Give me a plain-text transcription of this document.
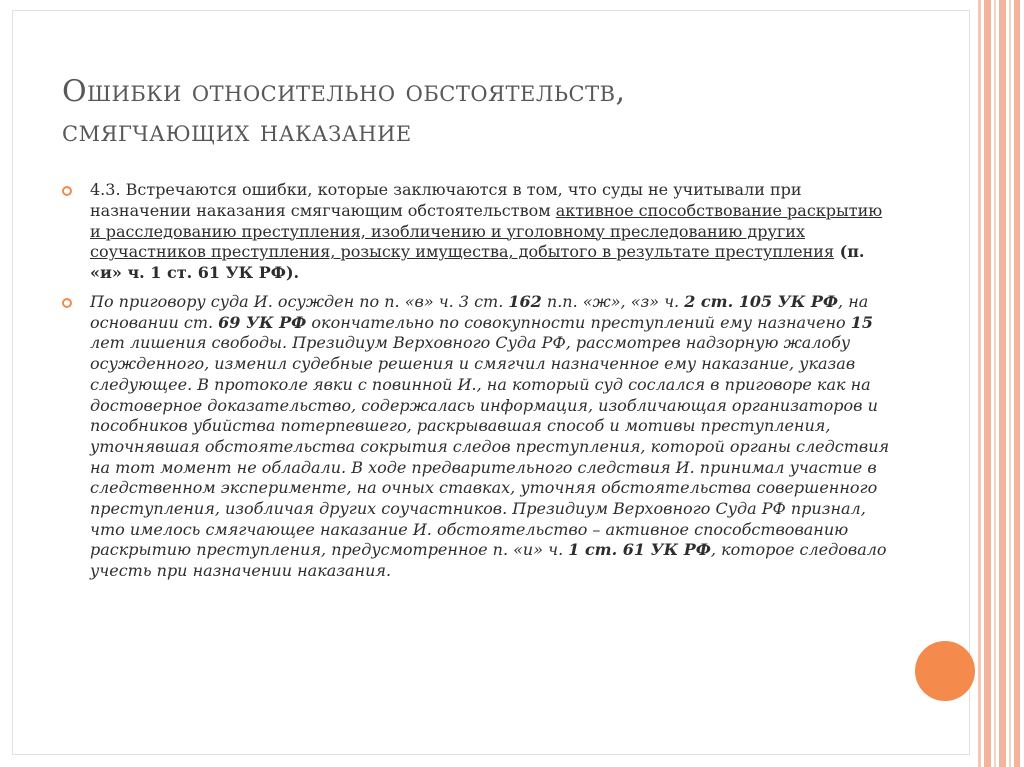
Ошибки относительно обстоятельств,
смягчающих наказание
4.3. Встречаются ошибки, которые заключаются в том, что суды не учитывали при назначении наказания смягчающим обстоятельством активное способствование раскрытию и расследованию преступления, изобличению и уголовному преследованию других соучастников преступления, розыску имущества, добытого в результате преступления (п. «и» ч. 1 ст. 61 УК РФ).
По приговору суда И. осужден по п. «в» ч. 3 ст. 162 п.п. «ж», «з» ч. 2 ст. 105 УК РФ, на основании ст. 69 УК РФ окончательно по совокупности преступлений ему назначено 15 лет лишения свободы. Президиум Верховного Суда РФ, рассмотрев надзорную жалобу осужденного, изменил судебные решения и смягчил назначенное ему наказание, указав следующее. В протоколе явки с повинной И., на который суд сослался в приговоре как на достоверное доказательство, содержалась информация, изобличающая организаторов и пособников убийства потерпевшего, раскрывавшая способ и мотивы преступления, уточнявшая обстоятельства сокрытия следов преступления, которой органы следствия на тот момент не обладали. В ходе предварительного следствия И. принимал участие в следственном эксперименте, на очных ставках, уточняя обстоятельства совершенного преступления, изобличая других соучастников. Президиум Верховного Суда РФ признал, что имелось смягчающее наказание И. обстоятельство – активное способствованию раскрытию преступления, предусмотренное п. «и» ч. 1 ст. 61 УК РФ, которое следовало учесть при назначении наказания.
